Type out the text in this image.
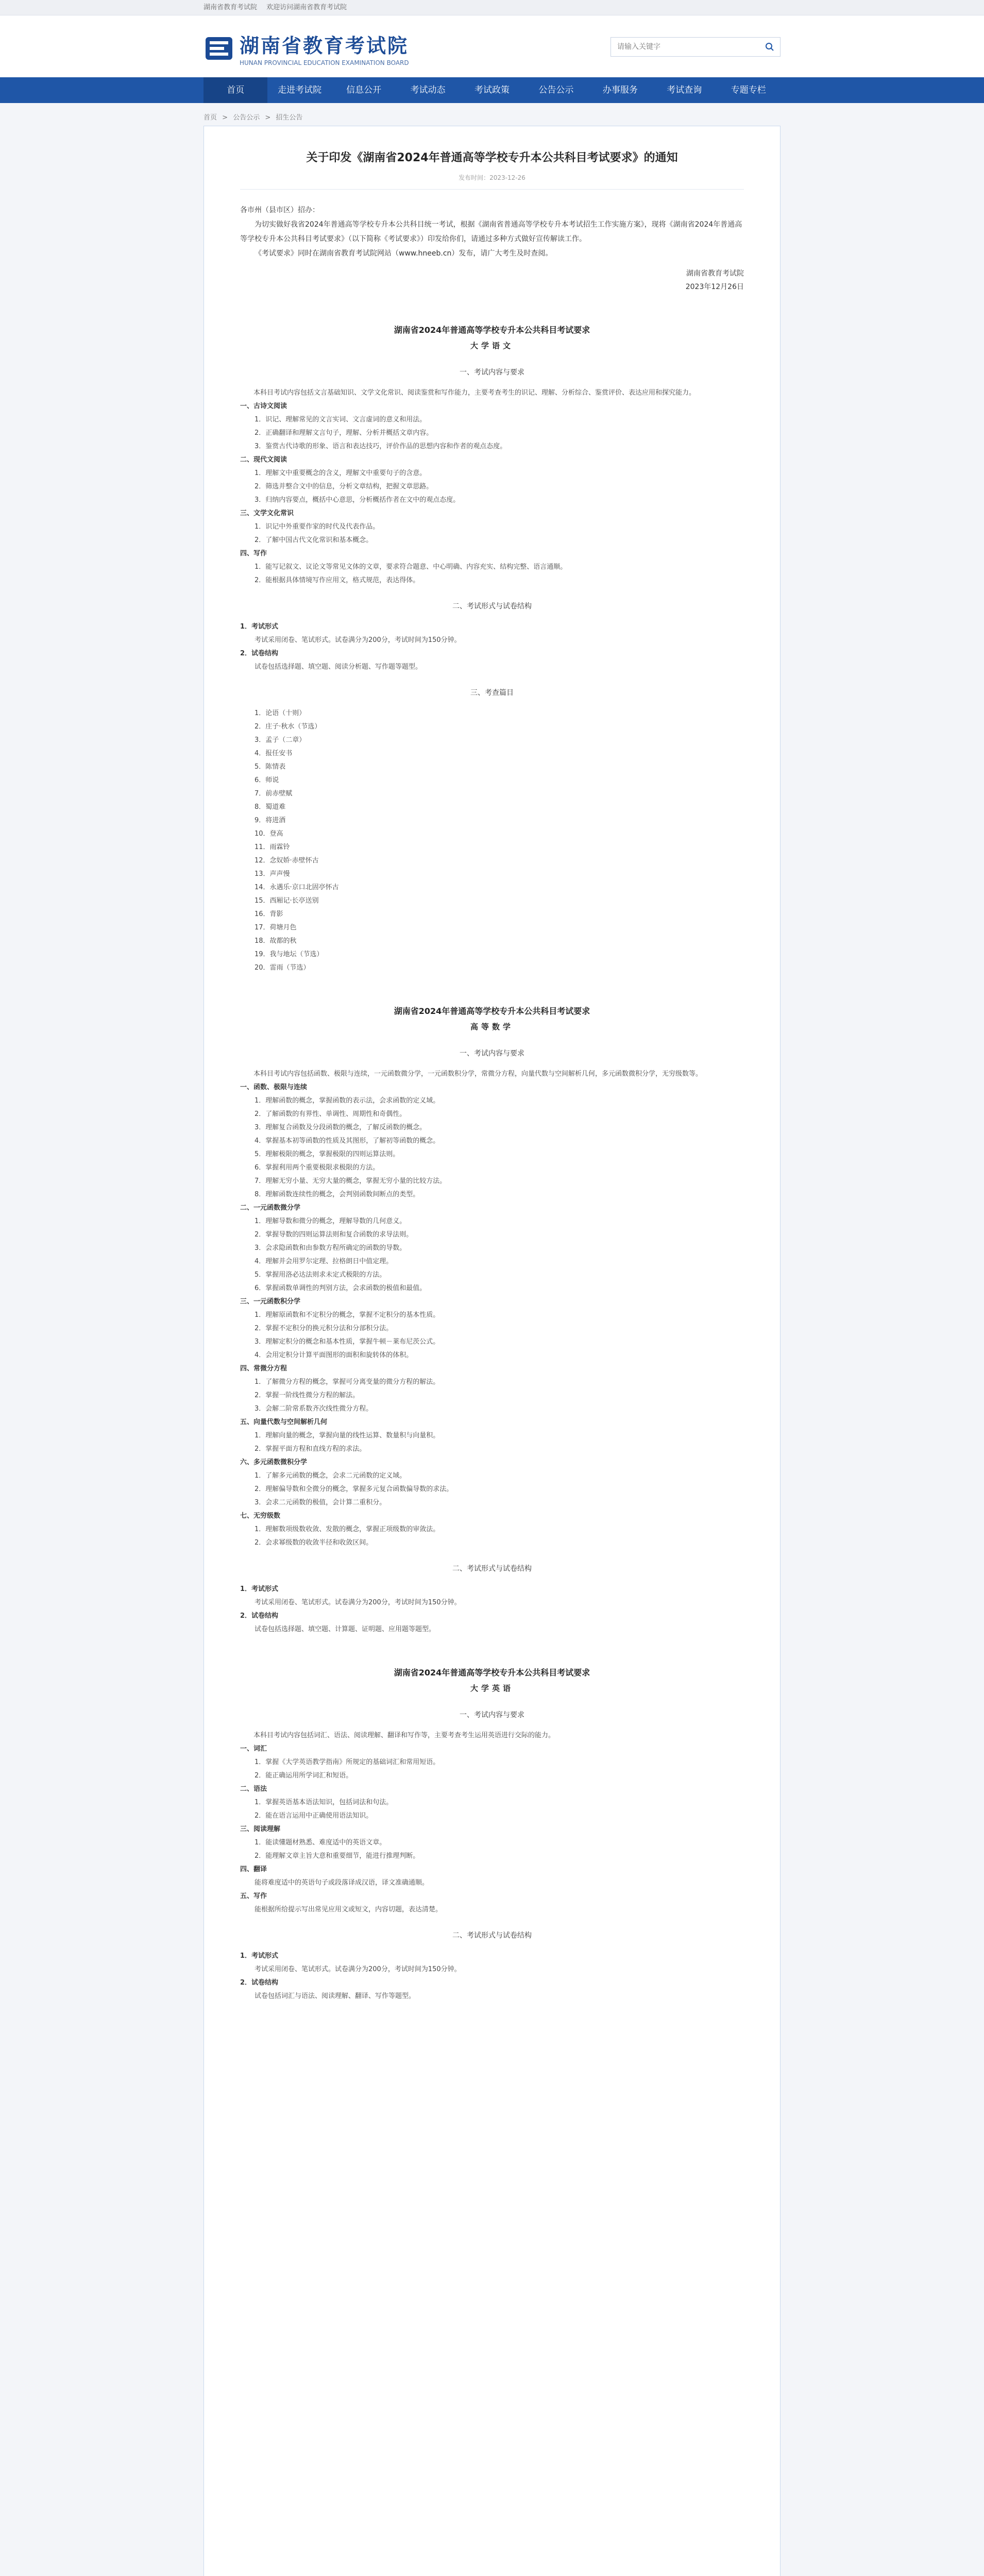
湖南省教育考试院 欢迎访问湖南省教育考试院
湖南省教育考试院
HUNAN PROVINCIAL EDUCATION EXAMINATION BOARD
请输入关键字
首页	走进考试院	信息公开	考试动态	考试政策	公告公示	办事服务	考试查询	专题专栏
首页 > 公告公示 > 招生公告
关于印发《湖南省2024年普通高等学校专升本公共科目考试要求》的通知
发布时间：2023-12-26

各市州（县市区）招办：

为切实做好我省2024年普通高等学校专升本公共科目统一考试，根据《湖南省普通高等学校专升本考试招生工作实施方案》，现将《湖南省2024年普通高等学校专升本公共科目考试要求》（以下简称《考试要求》）印发给你们，请通过多种方式做好宣传解读工作。

《考试要求》同时在湖南省教育考试院网站（www.hneeb.cn）发布，请广大考生及时查阅。

湖南省教育考试院
2023年12月26日
湖南省2024年普通高等学校专升本公共科目考试要求
大学语文
一、考试内容与要求

本科目考试内容包括文言基础知识、文学文化常识、阅读鉴赏和写作能力，主要考查考生的识记、理解、分析综合、鉴赏评价、表达应用和探究能力。

一、古诗文阅读

1．识记、理解常见的文言实词、文言虚词的意义和用法。

2．正确翻译和理解文言句子，理解、分析并概括文章内容。

3．鉴赏古代诗歌的形象、语言和表达技巧，评价作品的思想内容和作者的观点态度。

二、现代文阅读

1．理解文中重要概念的含义，理解文中重要句子的含意。

2．筛选并整合文中的信息，分析文章结构，把握文章思路。

3．归纳内容要点，概括中心意思，分析概括作者在文中的观点态度。

三、文学文化常识

1．识记中外重要作家的时代及代表作品。

2．了解中国古代文化常识和基本概念。

四、写作

1．能写记叙文、议论文等常见文体的文章，要求符合题意、中心明确、内容充实、结构完整、语言通顺。

2．能根据具体情境写作应用文，格式规范，表达得体。

二、考试形式与试卷结构

1．考试形式

考试采用闭卷、笔试形式。试卷满分为200分，考试时间为150分钟。

2．试卷结构

试卷包括选择题、填空题、阅读分析题、写作题等题型。

三、考查篇目

1．论语（十则）

2．庄子·秋水（节选）

3．孟子（二章）

4．报任安书

5．陈情表

6．师说

7．前赤壁赋

8．蜀道难

9．将进酒

10．登高

11．雨霖铃

12．念奴娇·赤壁怀古

13．声声慢

14．永遇乐·京口北固亭怀古

15．西厢记·长亭送别

16．背影

17．荷塘月色

18．故都的秋

19．我与地坛（节选）

20．雷雨（节选）

湖南省2024年普通高等学校专升本公共科目考试要求
高等数学
一、考试内容与要求

本科目考试内容包括函数、极限与连续，一元函数微分学，一元函数积分学，常微分方程，向量代数与空间解析几何，多元函数微积分学，无穷级数等。

一、函数、极限与连续

1．理解函数的概念，掌握函数的表示法，会求函数的定义域。

2．了解函数的有界性、单调性、周期性和奇偶性。

3．理解复合函数及分段函数的概念，了解反函数的概念。

4．掌握基本初等函数的性质及其图形，了解初等函数的概念。

5．理解极限的概念，掌握极限的四则运算法则。

6．掌握利用两个重要极限求极限的方法。

7．理解无穷小量、无穷大量的概念，掌握无穷小量的比较方法。

8．理解函数连续性的概念，会判别函数间断点的类型。

二、一元函数微分学

1．理解导数和微分的概念，理解导数的几何意义。

2．掌握导数的四则运算法则和复合函数的求导法则。

3．会求隐函数和由参数方程所确定的函数的导数。

4．理解并会用罗尔定理、拉格朗日中值定理。

5．掌握用洛必达法则求未定式极限的方法。

6．掌握函数单调性的判别方法，会求函数的极值和最值。

三、一元函数积分学

1．理解原函数和不定积分的概念，掌握不定积分的基本性质。

2．掌握不定积分的换元积分法和分部积分法。

3．理解定积分的概念和基本性质，掌握牛顿－莱布尼茨公式。

4．会用定积分计算平面图形的面积和旋转体的体积。

四、常微分方程

1．了解微分方程的概念，掌握可分离变量的微分方程的解法。

2．掌握一阶线性微分方程的解法。

3．会解二阶常系数齐次线性微分方程。

五、向量代数与空间解析几何

1．理解向量的概念，掌握向量的线性运算、数量积与向量积。

2．掌握平面方程和直线方程的求法。

六、多元函数微积分学

1．了解多元函数的概念，会求二元函数的定义域。

2．理解偏导数和全微分的概念，掌握多元复合函数偏导数的求法。

3．会求二元函数的极值，会计算二重积分。

七、无穷级数

1．理解数项级数收敛、发散的概念，掌握正项级数的审敛法。

2．会求幂级数的收敛半径和收敛区间。

二、考试形式与试卷结构

1．考试形式

考试采用闭卷、笔试形式。试卷满分为200分，考试时间为150分钟。

2．试卷结构

试卷包括选择题、填空题、计算题、证明题、应用题等题型。

湖南省2024年普通高等学校专升本公共科目考试要求
大学英语
一、考试内容与要求

本科目考试内容包括词汇、语法、阅读理解、翻译和写作等，主要考查考生运用英语进行交际的能力。

一、词汇

1．掌握《大学英语教学指南》所规定的基础词汇和常用短语。

2．能正确运用所学词汇和短语。

二、语法

1．掌握英语基本语法知识，包括词法和句法。

2．能在语言运用中正确使用语法知识。

三、阅读理解

1．能读懂题材熟悉、难度适中的英语文章。

2．能理解文章主旨大意和重要细节，能进行推理判断。

四、翻译

能将难度适中的英语句子或段落译成汉语，译文准确通顺。

五、写作

能根据所给提示写出常见应用文或短文，内容切题，表达清楚。

二、考试形式与试卷结构

1．考试形式

考试采用闭卷、笔试形式。试卷满分为200分，考试时间为150分钟。

2．试卷结构

试卷包括词汇与语法、阅读理解、翻译、写作等题型。
